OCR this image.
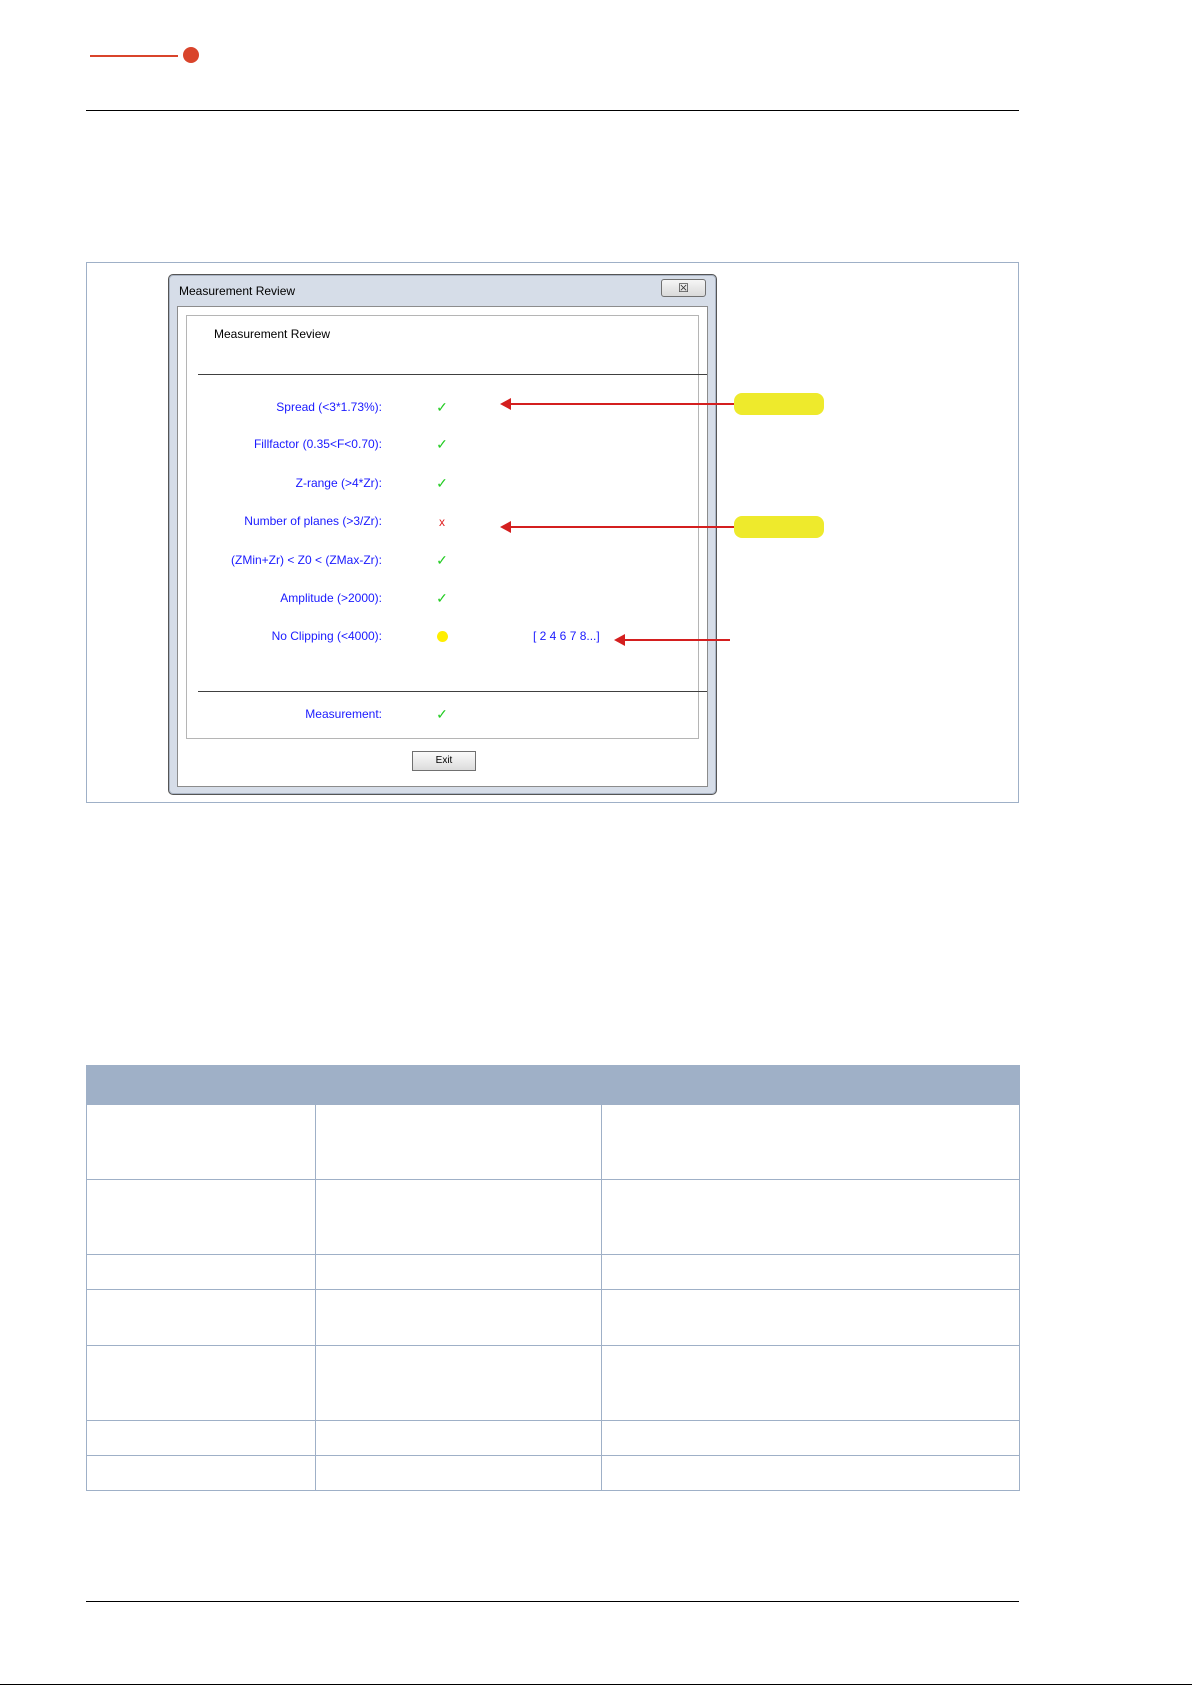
Measurement Review	☒
Measurement Review
Spread (<3*1.73%):	✓
Fillfactor (0.35<F<0.70):	✓
Z-range (>4*Zr):	✓
Number of planes (>3/Zr):	x
(ZMin+Zr) < Z0 < (ZMax-Zr):	✓
Amplitude (>2000):	✓
No Clipping (<4000):	[ 2 4 6 7 8...]
Measurement:	✓
Exit
